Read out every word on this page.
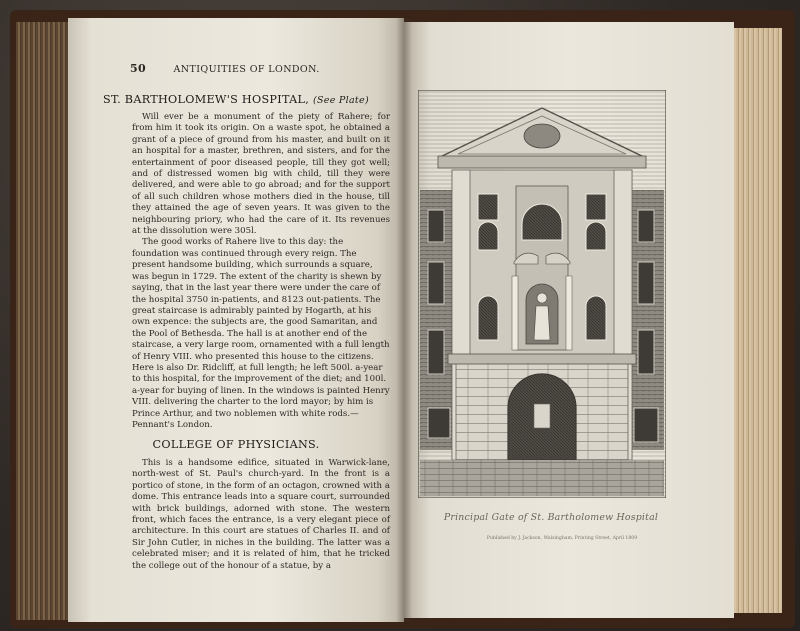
50	ANTIQUITIES OF LONDON.
ST. BARTHOLOMEW'S HOSPITAL, (See Plate)

Will ever be a monument of the piety of Rahere; for from him it took its origin. On a waste spot, he obtained a grant of a piece of ground from his master, and built on it an hospital for a master, brethren, and sisters, and for the entertainment of poor diseased people, till they got well; and of distressed women big with child, till they were delivered, and were able to go abroad; and for the support of all such children whose mothers died in the house, till they attained the age of seven years. It was given to the neighbouring priory, who had the care of it. Its revenues at the dissolution were 305l.

The good works of Rahere live to this day: the foundation was continued through every reign. The present handsome building, which surrounds a square, was begun in 1729. The extent of the charity is shewn by saying, that in the last year there were under the care of the hospital 3750 in-patients, and 8123 out-patients. The great staircase is admirably painted by Hogarth, at his own expence: the subjects are, the good Samaritan, and the Pool of Bethesda. The hall is at another end of the staircase, a very large room, ornamented with a full length of Henry VIII. who presented this house to the citizens. Here is also Dr. Ridcliff, at full length; he left 500l. a-year to this hospital, for the improvement of the diet; and 100l. a-year for buying of linen. In the windows is painted Henry VIII. delivering the charter to the lord mayor; by him is Prince Arthur, and two noblemen with white rods.—Pennant's London.

COLLEGE OF PHYSICIANS.

This is a handsome edifice, situated in Warwick-lane, north-west of St. Paul's church-yard. In the front is a portico of stone, in the form of an octagon, crowned with a dome. This entrance leads into a square court, surrounded with brick buildings, adorned with stone. The western front, which faces the entrance, is a very elegant piece of architecture. In this court are statues of Charles II. and of Sir John Cutler, in niches in the building. The latter was a celebrated miser; and it is related of him, that he tricked the college out of the honour of a statue, by a

Principal Gate of St. Bartholomew Hospital
Published by J. Jackson, Walsingham, Printing Street, April 1809
